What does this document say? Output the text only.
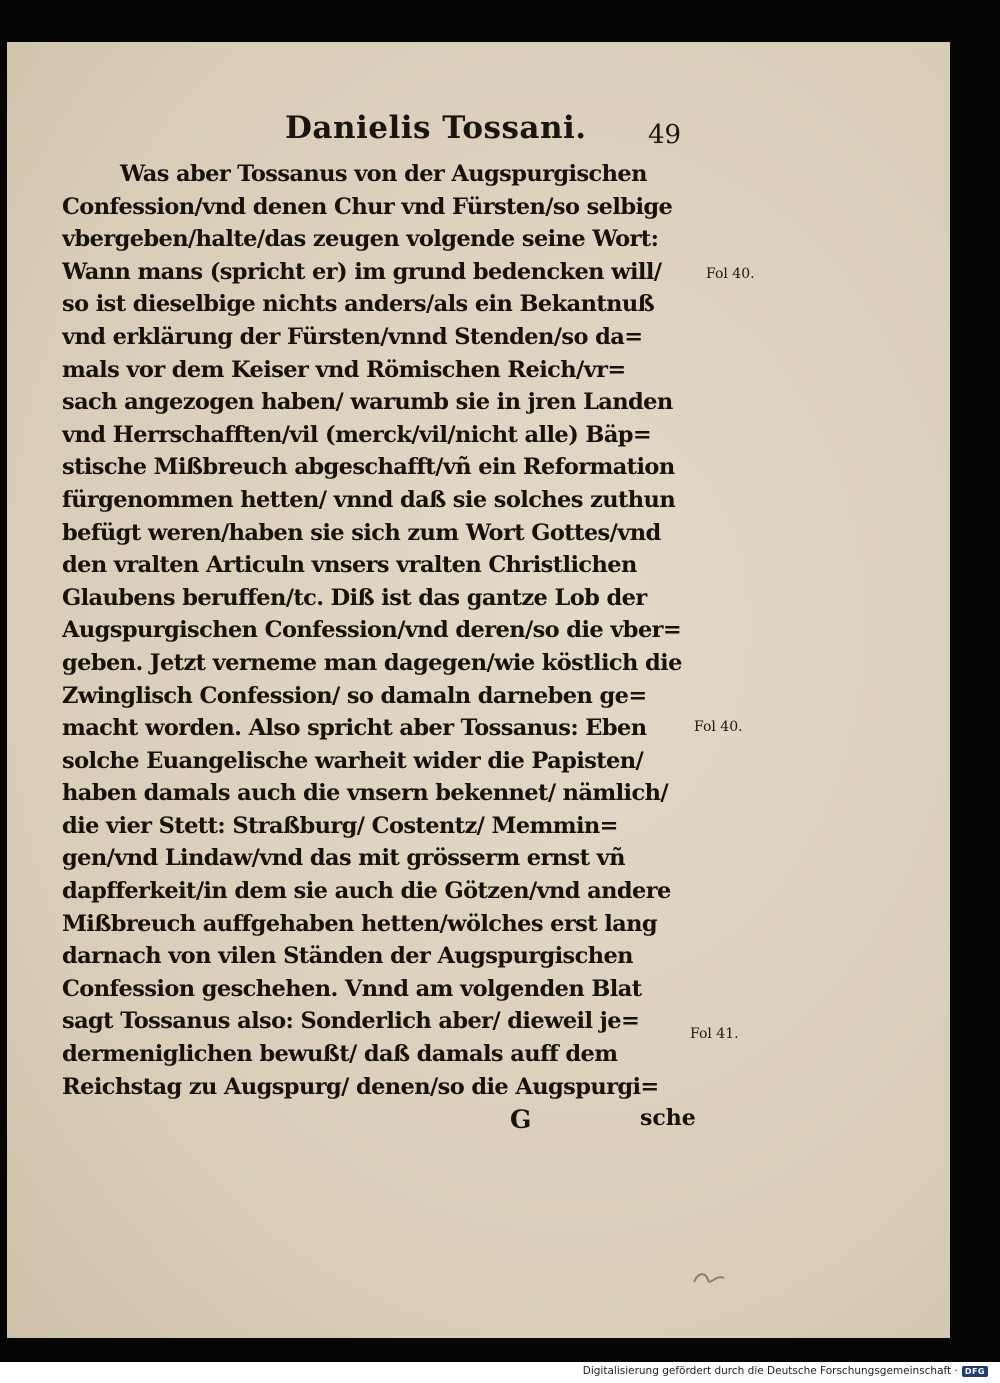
Danielis Tossani. 49
Was aber Tossanus von der Augspurgischen
Confession/vnd denen Chur vnd Fürsten/so selbige
vbergeben/halte/das zeugen volgende seine Wort:
Wann mans (spricht er) im grund bedencken will/
so ist dieselbige nichts anders/als ein Bekantnuß
vnd erklärung der Fürsten/vnnd Stenden/so da=
mals vor dem Keiser vnd Römischen Reich/vr=
sach angezogen haben/ warumb sie in jren Landen
vnd Herrschafften/vil (merck/vil/nicht alle) Bäp=
stische Mißbreuch abgeschafft/vñ ein Reformation
fürgenommen hetten/ vnnd daß sie solches zuthun
befügt weren/haben sie sich zum Wort Gottes/vnd
den vralten Articuln vnsers vralten Christlichen
Glaubens beruffen/tc. Diß ist das gantze Lob der
Augspurgischen Confession/vnd deren/so die vber=
geben. Jetzt verneme man dagegen/wie köstlich die
Zwinglisch Confession/ so damaln darneben ge=
macht worden. Also spricht aber Tossanus: Eben
solche Euangelische warheit wider die Papisten/
haben damals auch die vnsern bekennet/ nämlich/
die vier Stett: Straßburg/ Costentz/ Memmin=
gen/vnd Lindaw/vnd das mit grösserm ernst vñ
dapfferkeit/in dem sie auch die Götzen/vnd andere
Mißbreuch auffgehaben hetten/wölches erst lang
darnach von vilen Ständen der Augspurgischen
Confession geschehen. Vnnd am volgenden Blat
sagt Tossanus also: Sonderlich aber/ dieweil je=
dermeniglichen bewußt/ daß damals auff dem
Reichstag zu Augspurg/ denen/so die Augspurgi=
Fol 40.
Fol 40.
Fol 41.
G	sche
Digitalisierung gefördert durch die Deutsche Forschungsgemeinschaft · DFG
